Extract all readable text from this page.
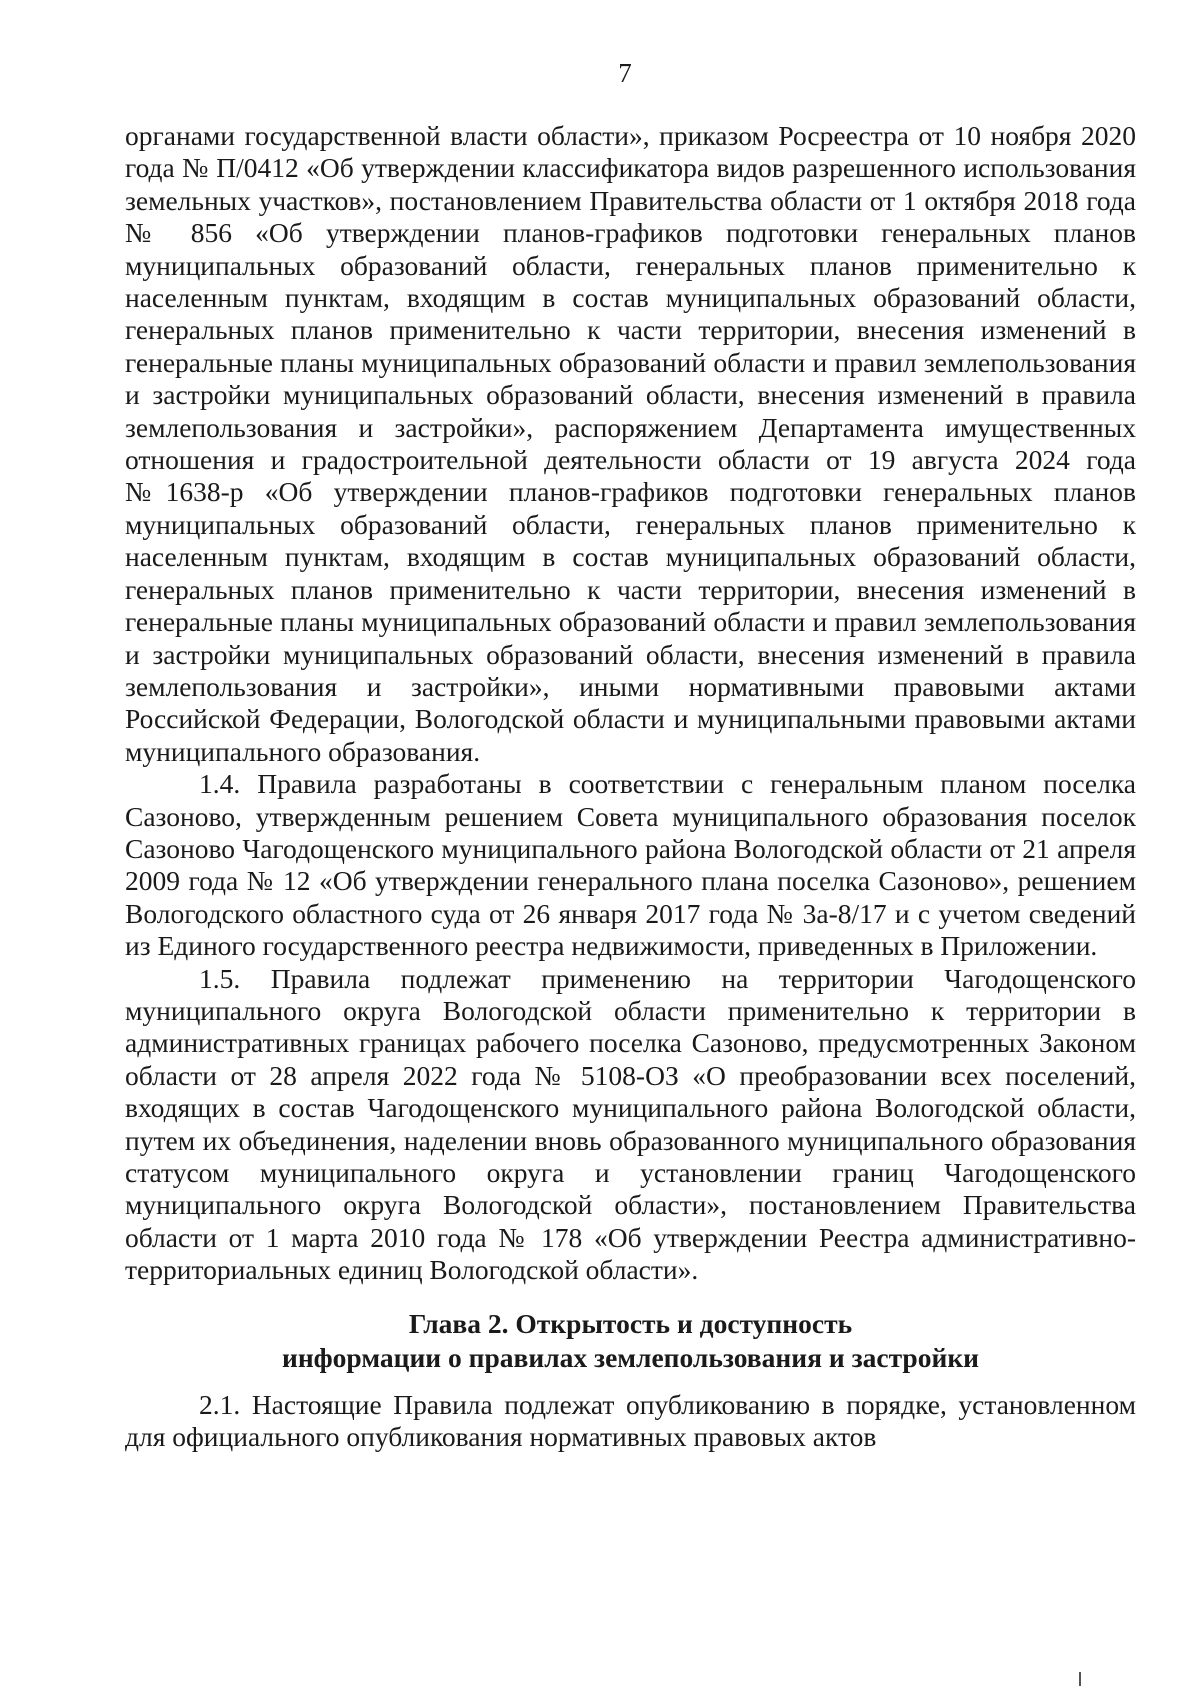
7

органами государственной власти области», приказом Росреестра от 10 ноября 2020 года № П/0412 «Об утверждении классификатора видов разрешенного использования земельных участков», постановлением Правительства области от 1 октября 2018 года № 856 «Об утверждении планов-графиков подготовки генеральных планов муниципальных образований области, генеральных планов применительно к населенным пунктам, входящим в состав муниципальных образований области, генеральных планов применительно к части территории, внесения изменений в генеральные планы муниципальных образований области и правил землепользования и застройки муниципальных образований области, внесения изменений в правила землепользования и застройки», распоряжением Департамента имущественных отношения и градостроительной деятельности области от 19 августа 2024 года №1638-р «Об утверждении планов-графиков подготовки генеральных планов муниципальных образований области, генеральных планов применительно к населенным пунктам, входящим в состав муниципальных образований области, генеральных планов применительно к части территории, внесения изменений в генеральные планы муниципальных образований области и правил землепользования и застройки муниципальных образований области, внесения изменений в правила землепользования и застройки», иными нормативными правовыми актами Российской Федерации, Вологодской области и муниципальными правовыми актами муниципального образования.

1.4. Правила разработаны в соответствии с генеральным планом поселка Сазоново, утвержденным решением Совета муниципального образования поселок Сазоново Чагодощенского муниципального района Вологодской области от 21 апреля 2009 года № 12 «Об утверждении генерального плана поселка Сазоново», решением Вологодского областного суда от 26 января 2017 года № 3а-8/17 и с учетом сведений из Единого государственного реестра недвижимости, приведенных в Приложении.

1.5. Правила подлежат применению на территории Чагодощенского муниципального округа Вологодской области применительно к территории в административных границах рабочего поселка Сазоново, предусмотренных Законом области от 28 апреля 2022 года № 5108-ОЗ «О преобразовании всех поселений, входящих в состав Чагодощенского муниципального района Вологодской области, путем их объединения, наделении вновь образованного муниципального образования статусом муниципального округа и установлении границ Чагодощенского муниципального округа Вологодской области», постановлением Правительства области от 1 марта 2010 года № 178 «Об утверждении Реестра административно-территориальных единиц Вологодской области».

Глава 2. Открытость и доступность
информации о правилах землепользования и застройки

2.1. Настоящие Правила подлежат опубликованию в порядке, установленном для официального опубликования нормативных правовых актов
